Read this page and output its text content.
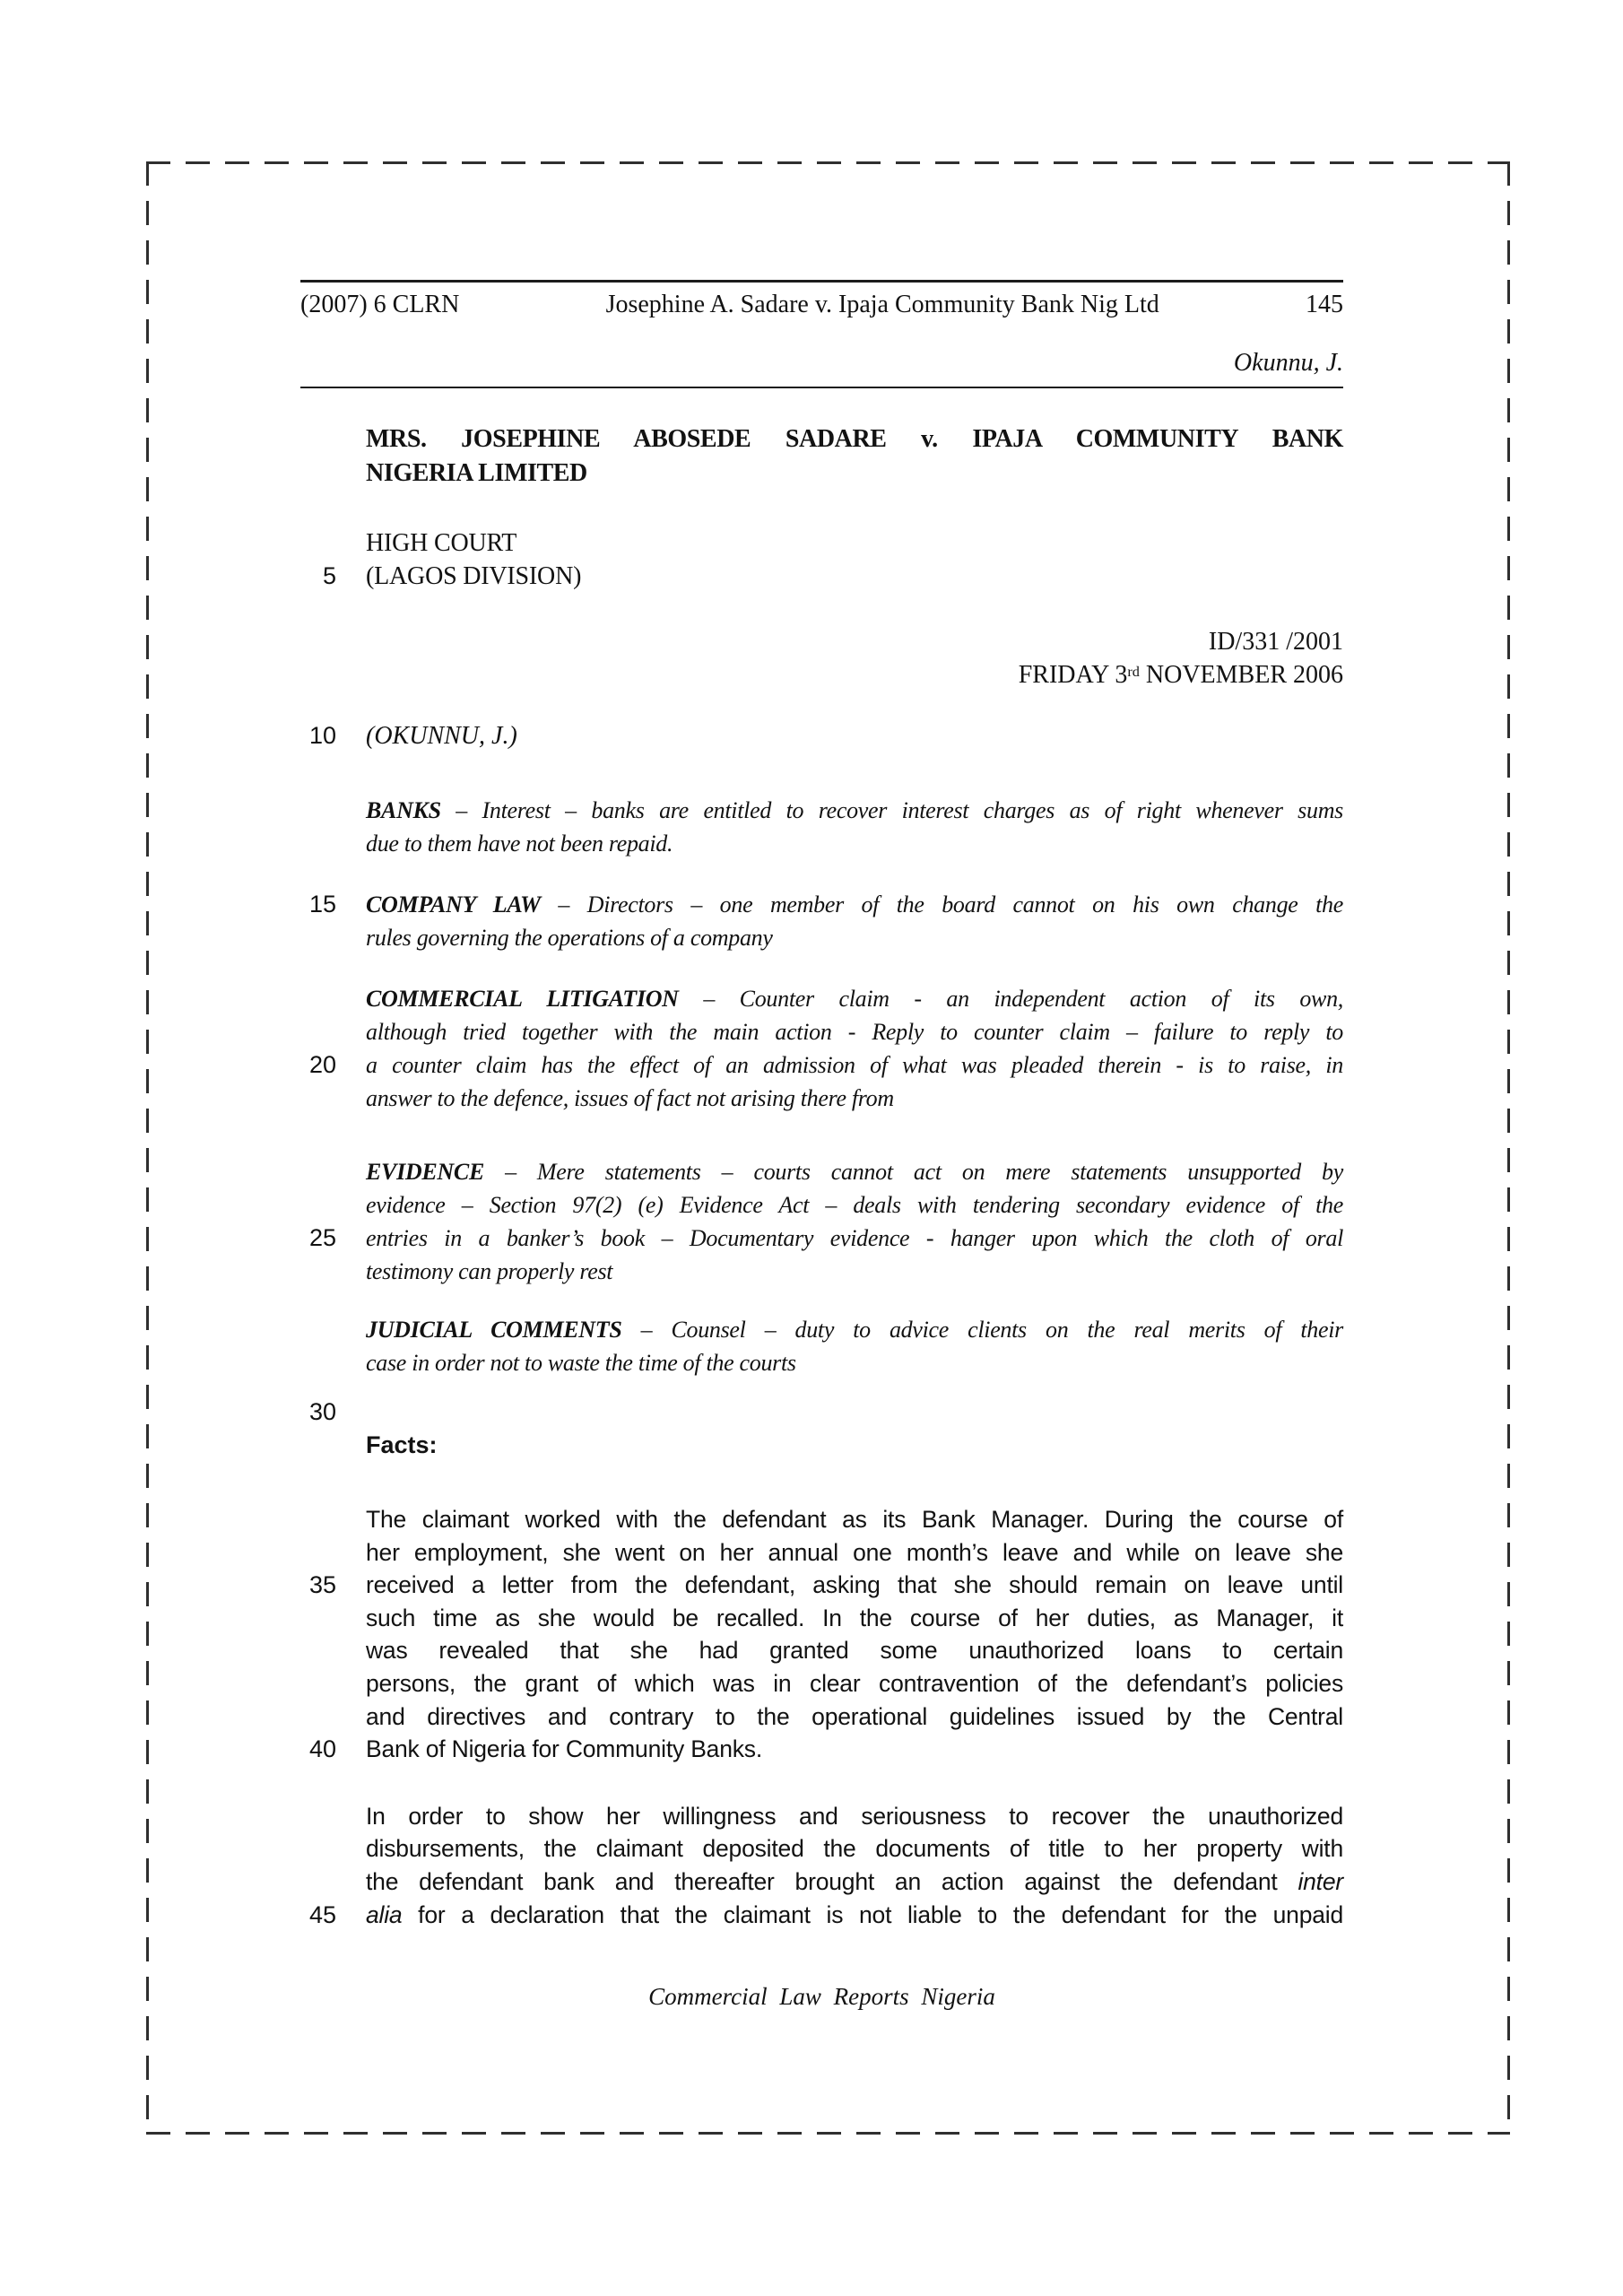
(2007) 6 CLRN	Josephine A. Sadare v. Ipaja Community Bank Nig Ltd	145
Okunnu, J.
MRS. JOSEPHINE ABOSEDE SADARE v. IPAJA COMMUNITY BANK
NIGERIA LIMITED
HIGH COURT
5	(LAGOS DIVISION)
ID/331 /2001
FRIDAY 3rd NOVEMBER 2006
10	(OKUNNU, J.)
BANKS – Interest – banks are entitled to recover interest charges as of right whenever sums
due to them have not been repaid.
15	COMPANY LAW – Directors – one member of the board cannot on his own change the
rules governing the operations of a company
COMMERCIAL LITIGATION – Counter claim - an independent action of its own,
although tried together with the main action - Reply to counter claim – failure to reply to
20	a counter claim has the effect of an admission of what was pleaded therein - is to raise, in
answer to the defence, issues of fact not arising there from
EVIDENCE – Mere statements – courts cannot act on mere statements unsupported by
evidence – Section 97(2) (e) Evidence Act – deals with tendering secondary evidence of the
25	entries in a banker’s book – Documentary evidence - hanger upon which the cloth of oral
testimony can properly rest
JUDICIAL COMMENTS – Counsel – duty to advice clients on the real merits of their
case in order not to waste the time of the courts
30
Facts:
The claimant worked with the defendant as its Bank Manager. During the course of
her employment, she went on her annual one month’s leave and while on leave she
35	received a letter from the defendant, asking that she should remain on leave until
such time as she would be recalled. In the course of her duties, as Manager, it
was revealed that she had granted some unauthorized loans to certain
persons, the grant of which was in clear contravention of the defendant’s policies
and directives and contrary to the operational guidelines issued by the Central
40	Bank of Nigeria for Community Banks.
In order to show her willingness and seriousness to recover the unauthorized
disbursements, the claimant deposited the documents of title to her property with
the defendant bank and thereafter brought an action against the defendant inter
45	alia for a declaration that the claimant is not liable to the defendant for the unpaid
Commercial Law Reports Nigeria
